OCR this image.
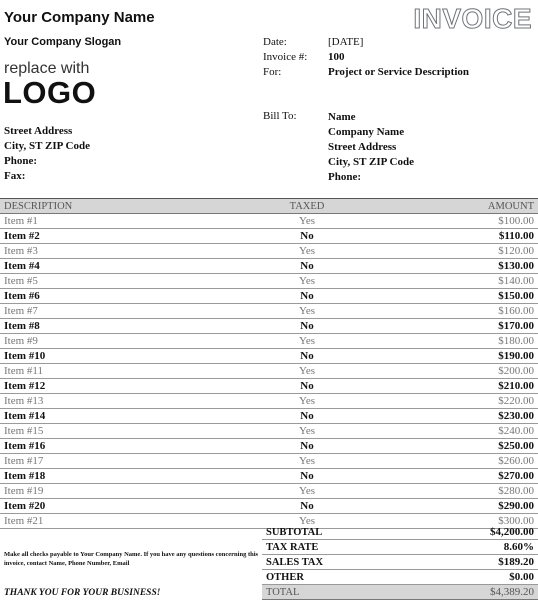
Your Company Name
Your Company Slogan
INVOICE
replace with
LOGO
Date:	[DATE]
Invoice #:	100
For:	Project or Service Description
Street Address
City, ST ZIP Code
Phone:
Fax:
Bill To:	Name
Company Name
Street Address
City, ST ZIP Code
Phone:
DESCRIPTION	TAXED	AMOUNT
Item #1	Yes	$100.00
Item #2	No	$110.00
Item #3	Yes	$120.00
Item #4	No	$130.00
Item #5	Yes	$140.00
Item #6	No	$150.00
Item #7	Yes	$160.00
Item #8	No	$170.00
Item #9	Yes	$180.00
Item #10	No	$190.00
Item #11	Yes	$200.00
Item #12	No	$210.00
Item #13	Yes	$220.00
Item #14	No	$230.00
Item #15	Yes	$240.00
Item #16	No	$250.00
Item #17	Yes	$260.00
Item #18	No	$270.00
Item #19	Yes	$280.00
Item #20	No	$290.00
Item #21	Yes	$300.00
Make all checks payable to Your Company Name. If you have any questions concerning this invoice, contact Name, Phone Number, Email
THANK YOU FOR YOUR BUSINESS!
SUBTOTAL	$4,200.00
TAX RATE	8.60%
SALES TAX	$189.20
OTHER	$0.00
TOTAL	$4,389.20
